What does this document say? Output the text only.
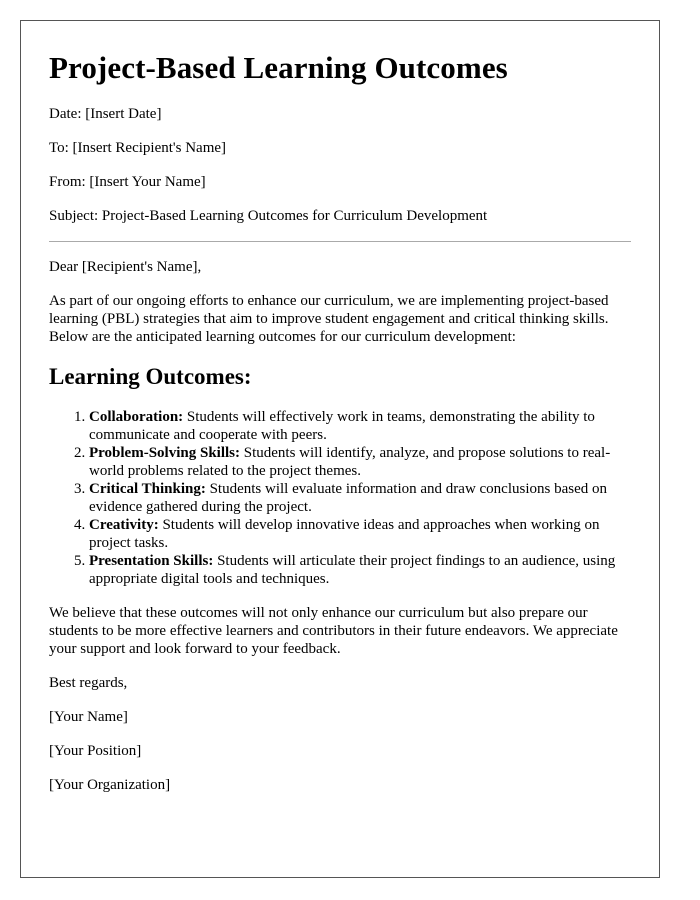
Project-Based Learning Outcomes

Date: [Insert Date]

To: [Insert Recipient's Name]

From: [Insert Your Name]

Subject: Project-Based Learning Outcomes for Curriculum Development

Dear [Recipient's Name],

As part of our ongoing efforts to enhance our curriculum, we are implementing project-based learning (PBL) strategies that aim to improve student engagement and critical thinking skills. Below are the anticipated learning outcomes for our curriculum development:

Learning Outcomes:
1. Collaboration: Students will effectively work in teams, demonstrating the ability to communicate and cooperate with peers.
2. Problem-Solving Skills: Students will identify, analyze, and propose solutions to real-world problems related to the project themes.
3. Critical Thinking: Students will evaluate information and draw conclusions based on evidence gathered during the project.
4. Creativity: Students will develop innovative ideas and approaches when working on project tasks.
5. Presentation Skills: Students will articulate their project findings to an audience, using appropriate digital tools and techniques.

We believe that these outcomes will not only enhance our curriculum but also prepare our students to be more effective learners and contributors in their future endeavors. We appreciate your support and look forward to your feedback.

Best regards,

[Your Name]

[Your Position]

[Your Organization]
